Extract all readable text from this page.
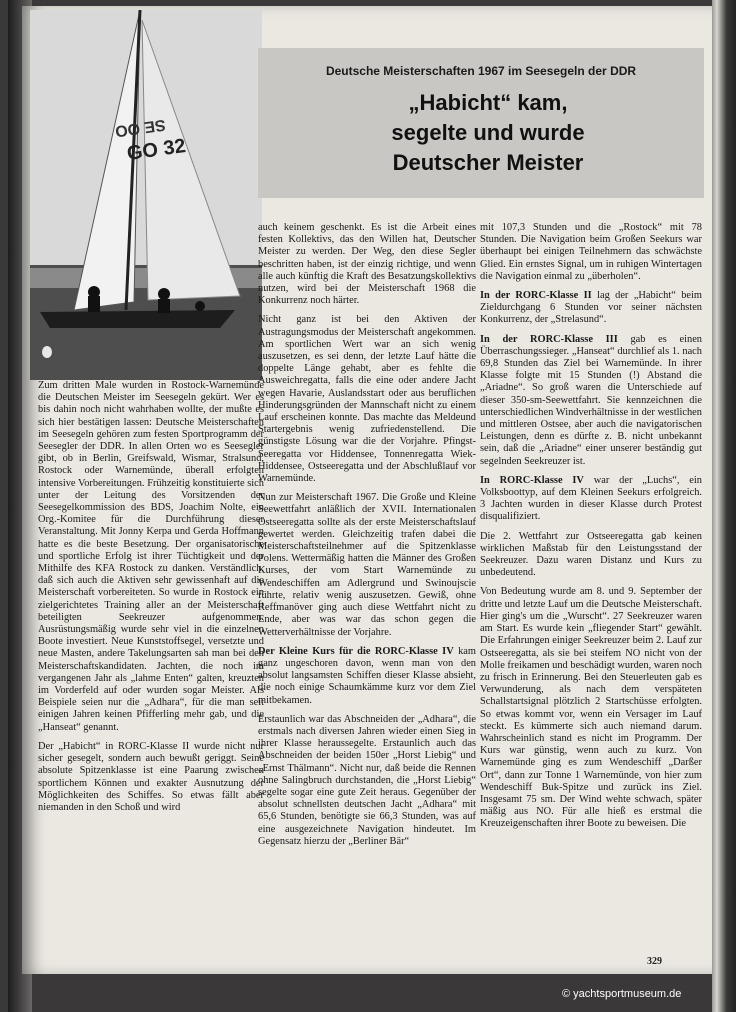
GO 32
SE OO
Deutsche Meisterschaften 1967 im Seesegeln der DDR
„Habicht“ kam,
segelte und wurde
Deutscher Meister

Zum dritten Male wurden in Rostock-Warnemünde die Deutschen Meister im Seesegeln gekürt. Wer es bis dahin noch nicht wahrhaben wollte, der mußte es sich hier bestätigen lassen: Deutsche Meisterschaften im Seesegeln gehören zum festen Sportprogramm der Seesegler der DDR. In allen Orten wo es Seesegler gibt, ob in Berlin, Greifswald, Wismar, Stralsund, Rostock oder Warnemünde, überall erfolgten intensive Vorbereitungen. Frühzeitig konstituierte sich unter der Leitung des Vorsitzenden der Seesegelkommission des BDS, Joachim Nolte, ein Org.-Komitee für die Durchführung dieser Veranstaltung. Mit Jonny Kerpa und Gerda Hoffmann hatte es die beste Besetzung. Der organisatorische und sportliche Erfolg ist ihrer Tüchtigkeit und der Mithilfe des KFA Rostock zu danken. Verständlich, daß sich auch die Aktiven sehr gewissenhaft auf die Meisterschaft vorbereiteten. So wurde in Rostock ein zielgerichtetes Training aller an der Meisterschaft beteiligten Seekreuzer aufgenommen. Ausrüstungsmäßig wurde sehr viel in die einzelnen Boote investiert. Neue Kunststoffsegel, versetzte und neue Masten, andere Takelungsarten sah man bei den Meisterschaftskandidaten. Jachten, die noch im vergangenen Jahr als „lahme Enten“ galten, kreuzten im Vorderfeld auf oder wurden sogar Meister. Als Beispiele seien nur die „Adhara“, für die man seit einigen Jahren keinen Pfifferling mehr gab, und die „Hanseat“ genannt.

Der „Habicht“ in RORC-Klasse II wurde nicht nur sicher gesegelt, sondern auch bewußt geriggt. Seine absolute Spitzenklasse ist eine Paarung zwischen sportlichem Können und exakter Ausnutzung der Möglichkeiten des Schiffes. So etwas fällt aber niemanden in den Schoß und wird

auch keinem geschenkt. Es ist die Arbeit eines festen Kollektivs, das den Willen hat, Deutscher Meister zu werden. Der Weg, den diese Segler beschritten haben, ist der einzig richtige, und wenn alle auch künftig die Kraft des Besatzungskollektivs nutzen, wird bei der Meisterschaft 1968 die Konkurrenz noch härter.

Nicht ganz ist bei den Aktiven der Austragungsmodus der Meisterschaft angekommen. Am sportlichen Wert war an sich wenig auszusetzen, es sei denn, der letzte Lauf hätte die doppelte Länge gehabt, aber es fehlte die Ausweichregatta, falls die eine oder andere Jacht wegen Havarie, Auslandsstart oder aus beruflichen Hinderungsgründen der Mannschaft nicht zu einem Lauf erscheinen konnte. Das machte das Meldeund Startergebnis wenig zufriedenstellend. Die günstigste Lösung war die der Vorjahre. Pfingst-Seeregatta vor Hiddensee, Tonnenregatta Wiek-Hiddensee, Ostseeregatta und der Abschlußlauf vor Warnemünde.

Nun zur Meisterschaft 1967. Die Große und Kleine Seewettfahrt anläßlich der XVII. Internationalen Ostseeregatta sollte als der erste Meisterschaftslauf gewertet werden. Gleichzeitig trafen dabei die Meisterschaftsteilnehmer auf die Spitzenklasse Polens. Wettermäßig hatten die Männer des Großen Kurses, der vom Start Warnemünde zu Wendeschiffen am Adlergrund und Swinoujscie führte, relativ wenig auszusetzen. Gewiß, ohne Reffmanöver ging auch diese Wettfahrt nicht zu Ende, aber was war das schon gegen die Wetterverhältnisse der Vorjahre.

Der Kleine Kurs für die RORC-Klasse IV kam ganz ungeschoren davon, wenn man von den absolut langsamsten Schiffen dieser Klasse absieht, die noch einige Schaumkämme kurz vor dem Ziel mitbekamen.

Erstaunlich war das Abschneiden der „Adhara“, die erstmals nach diversen Jahren wieder einen Sieg in ihrer Klasse heraussegelte. Erstaunlich auch das Abschneiden der beiden 150er „Horst Liebig“ und „Ernst Thälmann“. Nicht nur, daß beide die Rennen ohne Salingbruch durchstanden, die „Horst Liebig“ segelte sogar eine gute Zeit heraus. Gegenüber der absolut schnellsten deutschen Jacht „Adhara“ mit 65,6 Stunden, benötigte sie 66,3 Stunden, was auf eine ausgezeichnete Navigation hindeutet. Im Gegensatz hierzu der „Berliner Bär“

mit 107,3 Stunden und die „Rostock“ mit 78 Stunden. Die Navigation beim Großen Seekurs war überhaupt bei einigen Teilnehmern das schwächste Glied. Ein ernstes Signal, um in ruhigen Wintertagen die Navigation einmal zu „überholen“.

In der RORC-Klasse II lag der „Habicht“ beim Zieldurchgang 6 Stunden vor seiner nächsten Konkurrenz, der „Strelasund“.

In der RORC-Klasse III gab es einen Überraschungssieger. „Hanseat“ durchlief als 1. nach 69,8 Stunden das Ziel bei Warnemünde. In ihrer Klasse folgte mit 15 Stunden (!) Abstand die „Ariadne“. So groß waren die Unterschiede auf dieser 350-sm-Seewettfahrt. Sie kennzeichnen die unterschiedlichen Windverhältnisse in der westlichen und mittleren Ostsee, aber auch die navigatorischen Leistungen, denn es dürfte z. B. nicht unbekannt sein, daß die „Ariadne“ einer unserer beständig gut segelnden Seekreuzer ist.

In RORC-Klasse IV war der „Luchs“, ein Volksboottyp, auf dem Kleinen Seekurs erfolgreich. 3 Jachten wurden in dieser Klasse durch Protest disqualifiziert.

Die 2. Wettfahrt zur Ostseeregatta gab keinen wirklichen Maßstab für den Leistungsstand der Seekreuzer. Dazu waren Distanz und Kurs zu unbedeutend.

Von Bedeutung wurde am 8. und 9. September der dritte und letzte Lauf um die Deutsche Meisterschaft. Hier ging's um die „Wurscht“. 27 Seekreuzer waren am Start. Es wurde kein „fliegender Start“ gewählt. Die Erfahrungen einiger Seekreuzer beim 2. Lauf zur Ostseeregatta, als sie bei steifem NO nicht von der Molle freikamen und beschädigt wurden, waren noch zu frisch in Erinnerung. Bei den Steuerleuten gab es Verwunderung, als nach dem verspäteten Schallstartsignal plötzlich 2 Startschüsse erfolgten. So etwas kommt vor, wenn ein Versager im Lauf steckt. Es kümmerte sich auch niemand darum. Wahrscheinlich stand es nicht im Programm. Der Kurs war günstig, wenn auch zu kurz. Von Warnemünde ging es zum Wendeschiff „Darßer Ort“, dann zur Tonne 1 Warnemünde, von hier zum Wendeschiff Buk-Spitze und zurück ins Ziel. Insgesamt 75 sm. Der Wind wehte schwach, später mäßig aus NO. Für alle hieß es erstmal die Kreuzeigenschaften ihrer Boote zu beweisen. Die

329
© yachtsportmuseum.de
